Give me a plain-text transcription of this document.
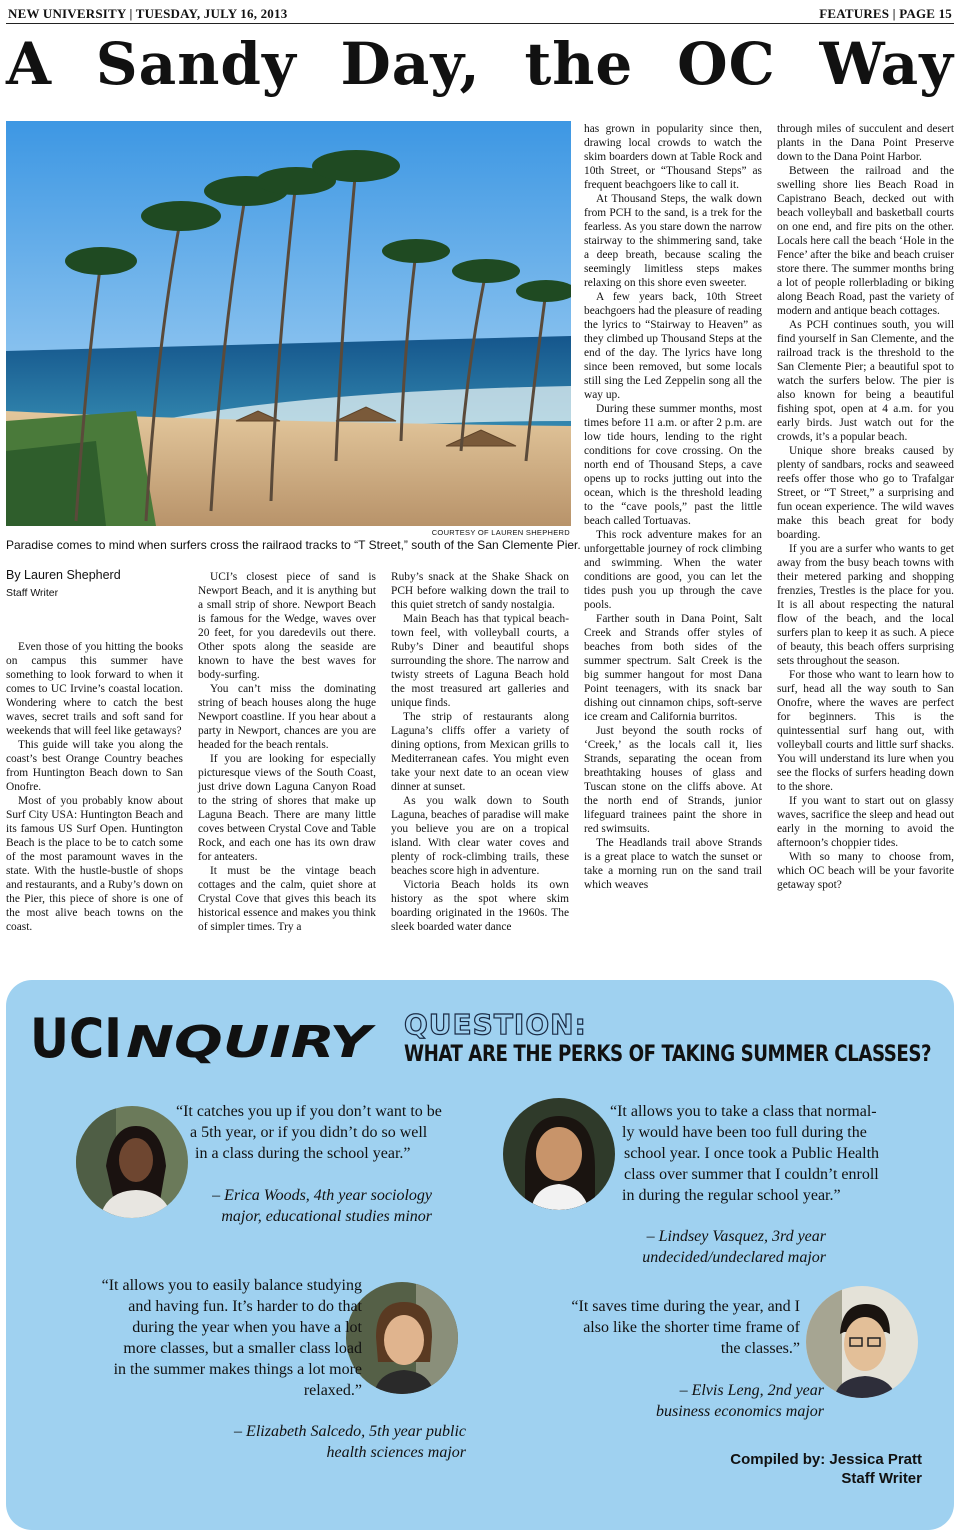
NEW UNIVERSITY | TUESDAY, JULY 16, 2013	FEATURES | PAGE 15
A Sandy Day, the OC Way
COURTESY OF LAUREN SHEPHERD
Paradise comes to mind when surfers cross the railraod tracks to “T Street,” south of the San Clemente Pier.
By Lauren Shepherd
Staff Writer

Even those of you hitting the books on campus this summer have something to look forward to when it comes to UC Irvine’s coastal location. Wondering where to catch the best waves, secret trails and soft sand for weekends that will feel like getaways?

This guide will take you along the coast’s best Orange Country beaches from Huntington Beach down to San Onofre.

Most of you probably know about Surf City USA: Huntington Beach and its famous US Surf Open. Huntington Beach is the place to be to catch some of the most paramount waves in the state. With the hustle-bustle of shops and restaurants, and a Ruby’s down on the Pier, this piece of shore is one of the most alive beach towns on the coast.

UCI’s closest piece of sand is Newport Beach, and it is anything but a small strip of shore. Newport Beach is famous for the Wedge, waves over 20 feet, for you daredevils out there. Other spots along the seaside are known to have the best waves for body-surfing.

You can’t miss the dominating string of beach houses along the huge Newport coastline. If you hear about a party in Newport, chances are you are headed for the beach rentals.

If you are looking for especially picturesque views of the South Coast, just drive down Laguna Canyon Road to the string of shores that make up Laguna Beach. There are many little coves between Crystal Cove and Table Rock, and each one has its own draw for anteaters.

It must be the vintage beach cottages and the calm, quiet shore at Crystal Cove that gives this beach its historical essence and makes you think of simpler times. Try a

Ruby’s snack at the Shake Shack on PCH before walking down the trail to this quiet stretch of sandy nostalgia.

Main Beach has that typical beach-town feel, with volleyball courts, a Ruby’s Diner and beautiful shops surrounding the shore. The narrow and twisty streets of Laguna Beach hold the most treasured art galleries and unique finds.

The strip of restaurants along Laguna’s cliffs offer a variety of dining options, from Mexican grills to Mediterranean cafes. You might even take your next date to an ocean view dinner at sunset.

As you walk down to South Laguna, beaches of paradise will make you believe you are on a tropical island. With clear water coves and plenty of rock-climbing trails, these beaches score high in adventure.

Victoria Beach holds its own history as the spot where skim boarding originated in the 1960s. The sleek boarded water dance

has grown in popularity since then, drawing local crowds to watch the skim boarders down at Table Rock and 10th Street, or “Thousand Steps” as frequent beachgoers like to call it.

At Thousand Steps, the walk down from PCH to the sand, is a trek for the fearless. As you stare down the narrow stairway to the shimmering sand, take a deep breath, because scaling the seemingly limitless steps makes relaxing on this shore even sweeter.

A few years back, 10th Street beachgoers had the pleasure of reading the lyrics to “Stairway to Heaven” as they climbed up Thousand Steps at the end of the day. The lyrics have long since been removed, but some locals still sing the Led Zeppelin song all the way up.

During these summer months, most times before 11 a.m. or after 2 p.m. are low tide hours, lending to the right conditions for cove crossing. On the north end of Thousand Steps, a cave opens up to rocks jutting out into the ocean, which is the threshold leading to the “cave pools,” past the little beach called Tortuavas.

This rock adventure makes for an unforgettable journey of rock climbing and swimming. When the water conditions are good, you can let the tides push you up through the cave pools.

Farther south in Dana Point, Salt Creek and Strands offer styles of beaches from both sides of the summer spectrum. Salt Creek is the big summer hangout for most Dana Point teenagers, with its snack bar dishing out cinnamon chips, soft-serve ice cream and California burritos.

Just beyond the south rocks of ‘Creek,’ as the locals call it, lies Strands, separating the ocean from breathtaking houses of glass and Tuscan stone on the cliffs above. At the north end of Strands, junior lifeguard trainees paint the shore in red swimsuits.

The Headlands trail above Strands is a great place to watch the sunset or take a morning run on the sand trail which weaves

through miles of succulent and desert plants in the Dana Point Preserve down to the Dana Point Harbor.

Between the railroad and the swelling shore lies Beach Road in Capistrano Beach, decked out with beach volleyball and basketball courts on one end, and fire pits on the other. Locals here call the beach ‘Hole in the Fence’ after the bike and beach cruiser store there. The summer months bring a lot of people rollerblading or biking along Beach Road, past the variety of modern and antique beach cottages.

As PCH continues south, you will find yourself in San Clemente, and the railroad track is the threshold to the San Clemente Pier; a beautiful spot to watch the surfers below. The pier is also known for being a beautiful fishing spot, open at 4 a.m. for you early birds. Just watch out for the crowds, it’s a popular beach.

Unique shore breaks caused by plenty of sandbars, rocks and seaweed reefs offer those who go to Trafalgar Street, or “T Street,” a surprising and fun ocean experience. The wild waves make this beach great for body boarding.

If you are a surfer who wants to get away from the busy beach towns with their metered parking and shopping frenzies, Trestles is the place for you. It is all about respecting the natural flow of the beach, and the local surfers plan to keep it as such. A piece of beauty, this beach offers surprising sets throughout the season.

For those who want to learn how to surf, head all the way south to San Onofre, where the waves are perfect for beginners. This is the quintessential surf hang out, with volleyball courts and little surf shacks. You will understand its lure when you see the flocks of surfers heading down to the shore.

If you want to start out on glassy waves, sacrifice the sleep and head out early in the morning to avoid the afternoon’s choppier tides.

With so many to choose from, which OC beach will be your favorite getaway spot?

UCI NQUIRY QUESTION:
WHAT ARE THE PERKS OF TAKING SUMMER CLASSES?
“It catches you up if you don’t want to be
a 5th year, or if you didn’t do so well
in a class during the school year.”
– Erica Woods, 4th year sociology
major, educational studies minor
“It allows you to take a class that normal-
ly would have been too full during the
school year. I once took a Public Health
class over summer that I couldn’t enroll
in during the regular school year.”
– Lindsey Vasquez, 3rd year
undecided/undeclared major
“It allows you to easily balance studying
and having fun. It’s harder to do that
during the year when you have a lot
more classes, but a smaller class load
in the summer makes things a lot more
relaxed.”
– Elizabeth Salcedo, 5th year public
health sciences major
“It saves time during the year, and I
also like the shorter time frame of
the classes.”
– Elvis Leng, 2nd year
business economics major
Compiled by: Jessica Pratt
Staff Writer
